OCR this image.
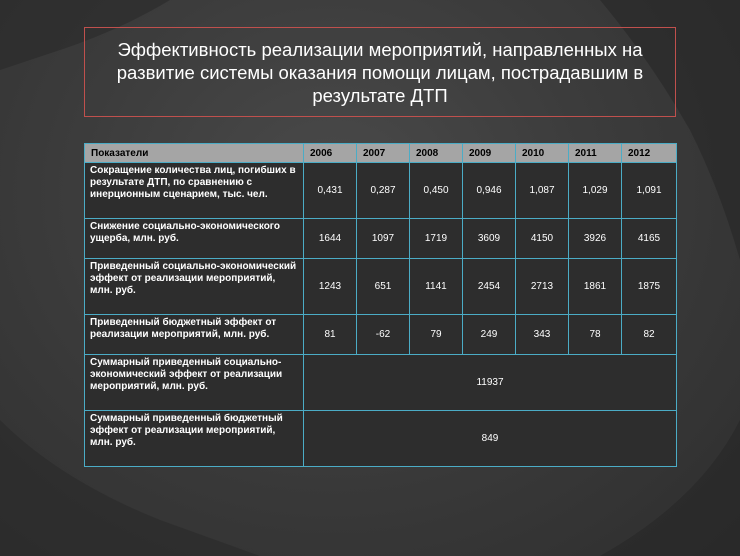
Эффективность реализации мероприятий, направленных на развитие системы оказания помощи лицам, пострадавшим в результате ДТП
Показатели	2006	2007	2008	2009	2010	2011	2012
Сокращение количества лиц, погибших в результате ДТП, по сравнению с инерционным сценарием, тыс. чел.	0,431	0,287	0,450	0,946	1,087	1,029	1,091
Снижение социально-экономического ущерба, млн. руб.	1644	1097	1719	3609	4150	3926	4165
Приведенный социально-экономический эффект от реализации мероприятий, млн. руб.	1243	651	1141	2454	2713	1861	1875
Приведенный бюджетный эффект от реализации мероприятий, млн. руб.	81	-62	79	249	343	78	82
Суммарный приведенный социально-экономический эффект от реализации мероприятий, млн. руб.	11937						
Суммарный приведенный бюджетный эффект от реализации мероприятий, млн. руб.	849						
